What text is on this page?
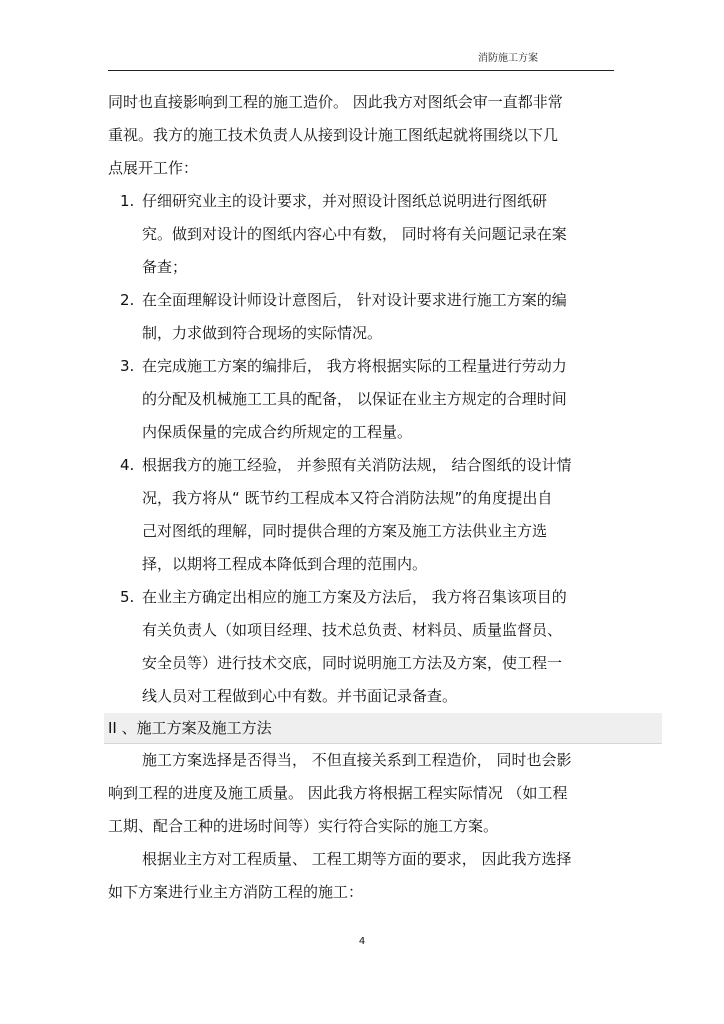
消防施工方案

同时也直接影响到工程的施工造价。 因此我方对图纸会审一直都非常

重视。我方的施工技术负责人从接到设计施工图纸起就将围绕以下几

点展开工作：

1. 仔细研究业主的设计要求，并对照设计图纸总说明进行图纸研

究。做到对设计的图纸内容心中有数， 同时将有关问题记录在案

备查；

2. 在全面理解设计师设计意图后， 针对设计要求进行施工方案的编

制，力求做到符合现场的实际情况。

3. 在完成施工方案的编排后， 我方将根据实际的工程量进行劳动力

的分配及机械施工工具的配备， 以保证在业主方规定的合理时间

内保质保量的完成合约所规定的工程量。

4. 根据我方的施工经验， 并参照有关消防法规， 结合图纸的设计情

况，我方将从“ 既节约工程成本又符合消防法规”的角度提出自

己对图纸的理解，同时提供合理的方案及施工方法供业主方选

择，以期将工程成本降低到合理的范围内。

5. 在业主方确定出相应的施工方案及方法后， 我方将召集该项目的

有关负责人（如项目经理、技术总负责、材料员、质量监督员、

安全员等）进行技术交底，同时说明施工方法及方案，使工程一

线人员对工程做到心中有数。并书面记录备查。

II 、施工方案及施工方法

施工方案选择是否得当， 不但直接关系到工程造价， 同时也会影

响到工程的进度及施工质量。 因此我方将根据工程实际情况 （如工程

工期、配合工种的进场时间等）实行符合实际的施工方案。

根据业主方对工程质量、 工程工期等方面的要求， 因此我方选择

如下方案进行业主方消防工程的施工：

4
